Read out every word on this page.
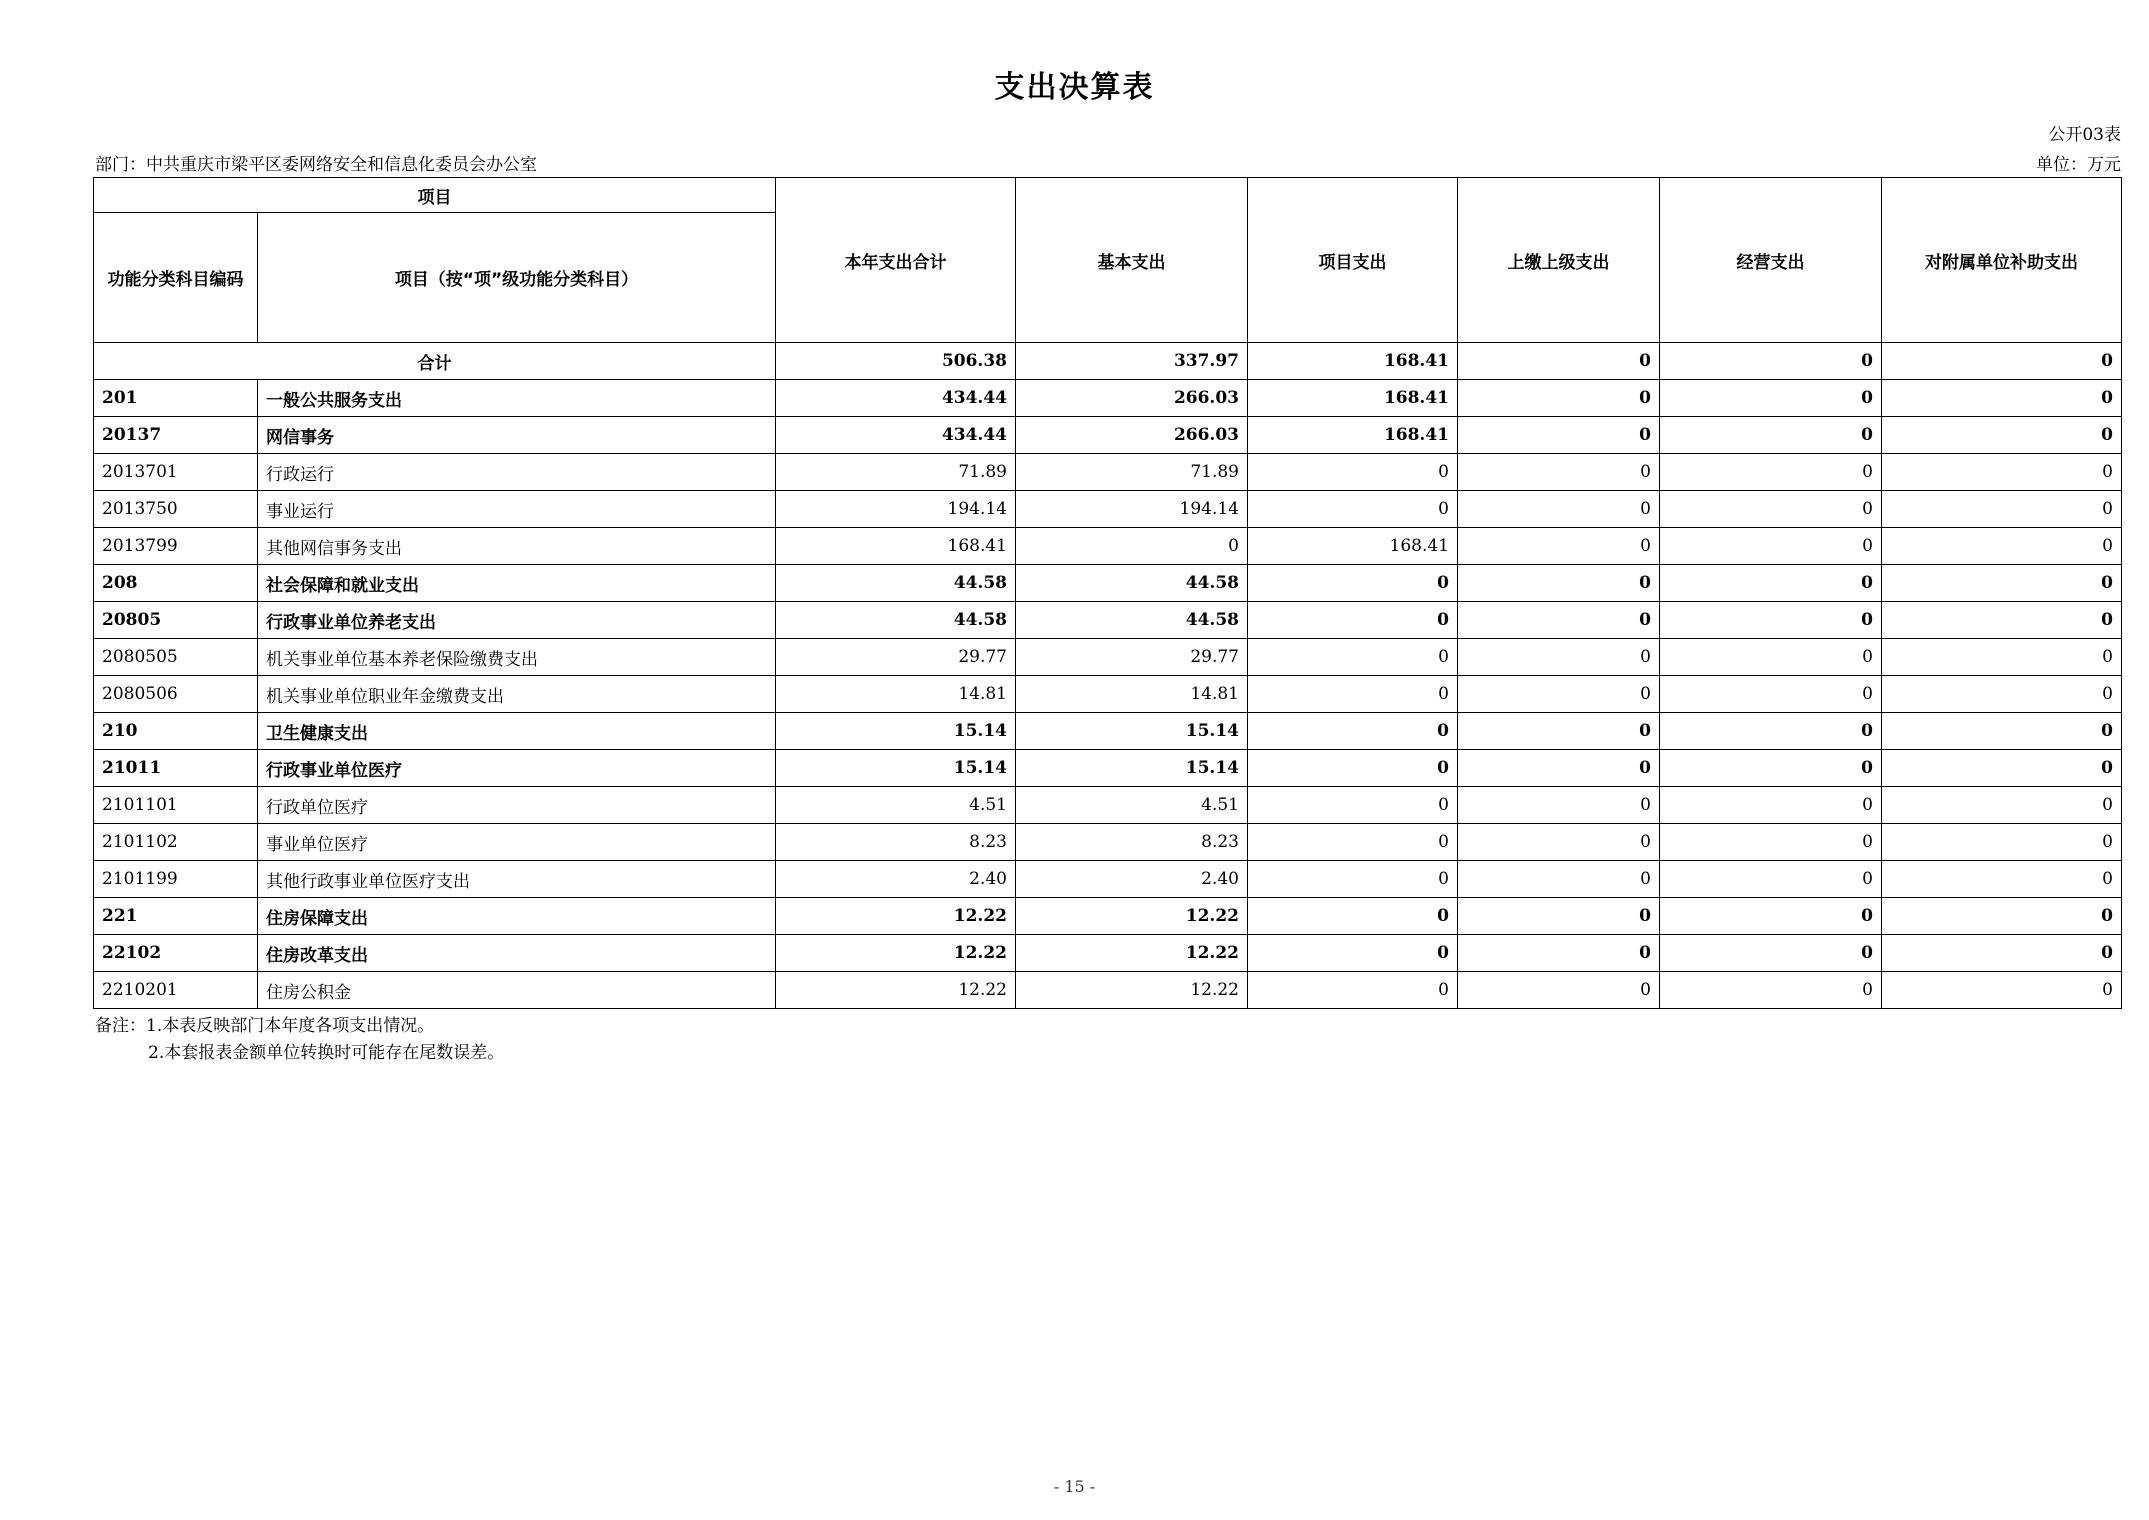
支出决算表
公开03表
部门：中共重庆市梁平区委网络安全和信息化委员会办公室	单位：万元
项目		本年支出合计	基本支出	项目支出	上缴上级支出	经营支出	对附属单位补助支出
功能分类科目编码	项目（按“项”级功能分类科目）						
合计		506.38	337.97	168.41	0	0	0
201	一般公共服务支出	434.44	266.03	168.41	0	0	0
20137	网信事务	434.44	266.03	168.41	0	0	0
2013701	行政运行	71.89	71.89	0	0	0	0
2013750	事业运行	194.14	194.14	0	0	0	0
2013799	其他网信事务支出	168.41	0	168.41	0	0	0
208	社会保障和就业支出	44.58	44.58	0	0	0	0
20805	行政事业单位养老支出	44.58	44.58	0	0	0	0
2080505	机关事业单位基本养老保险缴费支出	29.77	29.77	0	0	0	0
2080506	机关事业单位职业年金缴费支出	14.81	14.81	0	0	0	0
210	卫生健康支出	15.14	15.14	0	0	0	0
21011	行政事业单位医疗	15.14	15.14	0	0	0	0
2101101	行政单位医疗	4.51	4.51	0	0	0	0
2101102	事业单位医疗	8.23	8.23	0	0	0	0
2101199	其他行政事业单位医疗支出	2.40	2.40	0	0	0	0
221	住房保障支出	12.22	12.22	0	0	0	0
22102	住房改革支出	12.22	12.22	0	0	0	0
2210201	住房公积金	12.22	12.22	0	0	0	0
备注：1.本表反映部门本年度各项支出情况。
2.本套报表金额单位转换时可能存在尾数误差。
- 15 -
